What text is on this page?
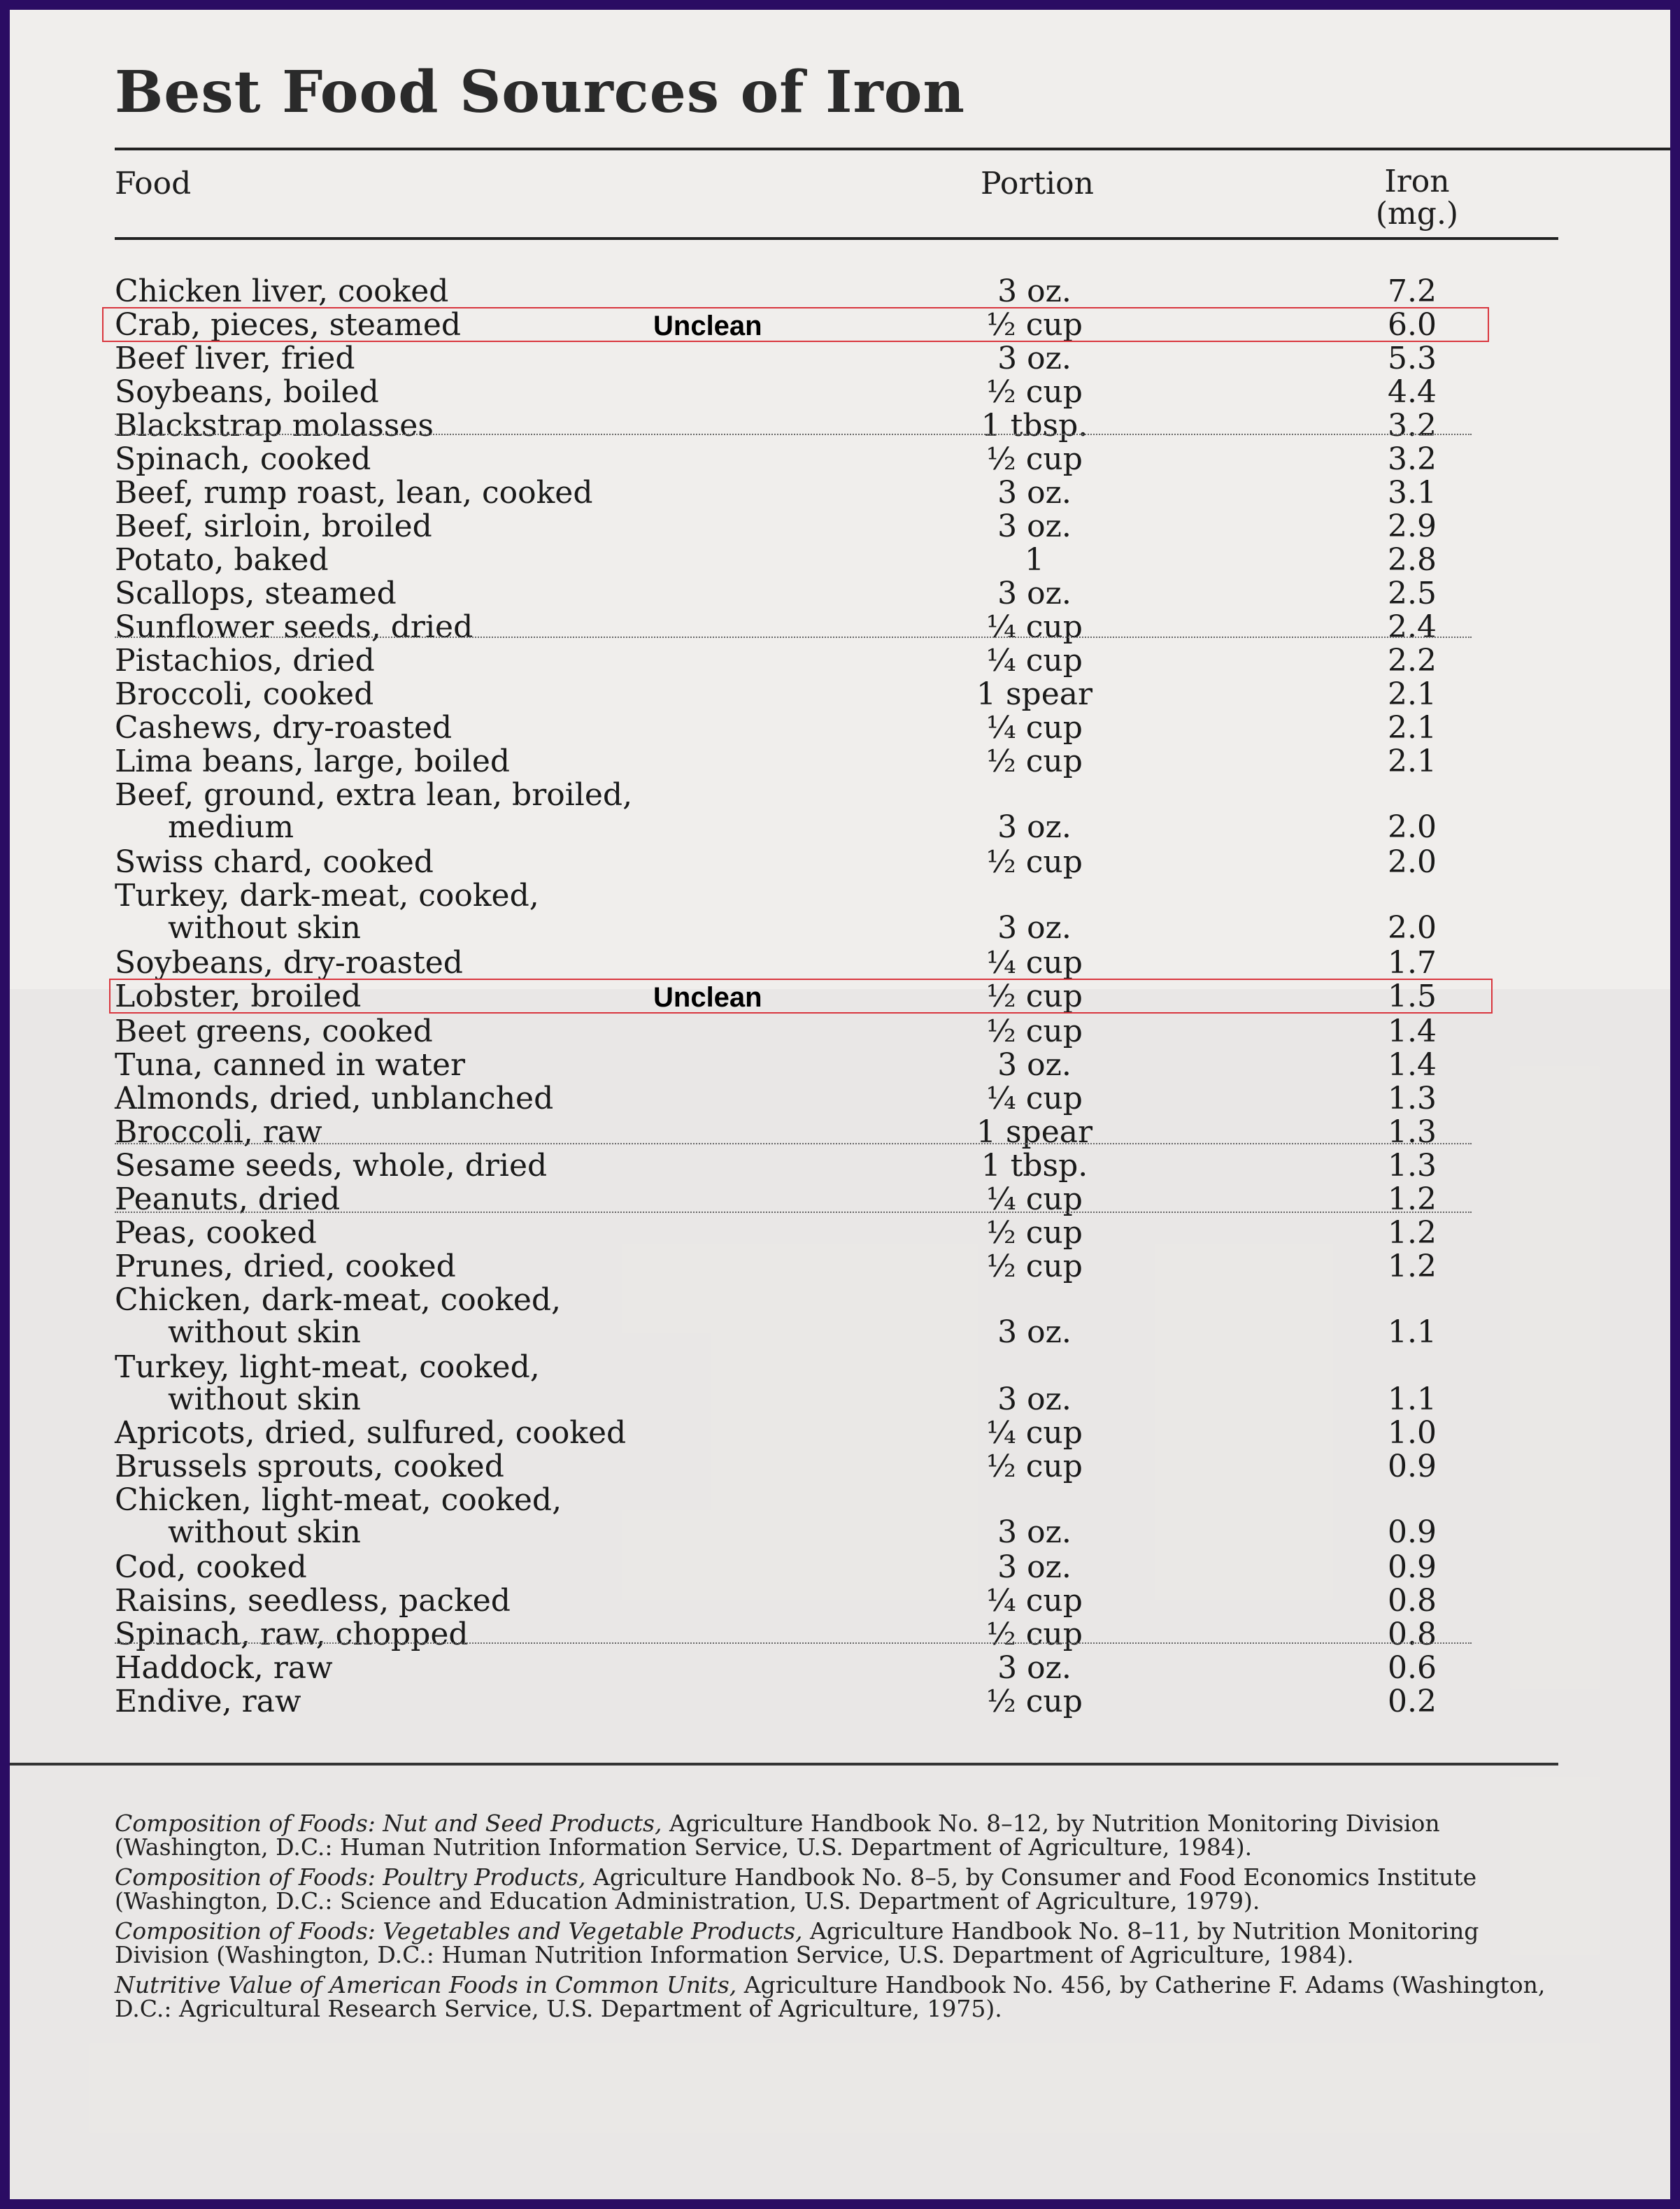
Best Food Sources of Iron
Food	Portion	Iron
(mg.)
Chicken liver, cooked	3 oz.	7.2
Crab, pieces, steamed	½ cup	6.0
Unclean
Beef liver, fried	3 oz.	5.3
Soybeans, boiled	½ cup	4.4
Blackstrap molasses	1 tbsp.	3.2
Spinach, cooked	½ cup	3.2
Beef, rump roast, lean, cooked	3 oz.	3.1
Beef, sirloin, broiled	3 oz.	2.9
Potato, baked	1	2.8
Scallops, steamed	3 oz.	2.5
Sunflower seeds, dried	¼ cup	2.4
Pistachios, dried	¼ cup	2.2
Broccoli, cooked	1 spear	2.1
Cashews, dry-roasted	¼ cup	2.1
Lima beans, large, boiled	½ cup	2.1
Beef, ground, extra lean, broiled,
medium	3 oz.	2.0
Swiss chard, cooked	½ cup	2.0
Turkey, dark-meat, cooked,
without skin	3 oz.	2.0
Soybeans, dry-roasted	¼ cup	1.7
Lobster, broiled	½ cup	1.5
Unclean
Beet greens, cooked	½ cup	1.4
Tuna, canned in water	3 oz.	1.4
Almonds, dried, unblanched	¼ cup	1.3
Broccoli, raw	1 spear	1.3
Sesame seeds, whole, dried	1 tbsp.	1.3
Peanuts, dried	¼ cup	1.2
Peas, cooked	½ cup	1.2
Prunes, dried, cooked	½ cup	1.2
Chicken, dark-meat, cooked,
without skin	3 oz.	1.1
Turkey, light-meat, cooked,
without skin	3 oz.	1.1
Apricots, dried, sulfured, cooked	¼ cup	1.0
Brussels sprouts, cooked	½ cup	0.9
Chicken, light-meat, cooked,
without skin	3 oz.	0.9
Cod, cooked	3 oz.	0.9
Raisins, seedless, packed	¼ cup	0.8
Spinach, raw, chopped	½ cup	0.8
Haddock, raw	3 oz.	0.6
Endive, raw	½ cup	0.2

Composition of Foods: Nut and Seed Products, Agriculture Handbook No. 8–12, by Nutrition Monitoring Division (Washington, D.C.: Human Nutrition Information Service, U.S. Department of Agriculture, 1984).

Composition of Foods: Poultry Products, Agriculture Handbook No. 8–5, by Consumer and Food Economics Institute (Washington, D.C.: Science and Education Administration, U.S. Department of Agriculture, 1979).

Composition of Foods: Vegetables and Vegetable Products, Agriculture Handbook No. 8–11, by Nutrition Monitoring Division (Washington, D.C.: Human Nutrition Information Service, U.S. Department of Agriculture, 1984).

Nutritive Value of American Foods in Common Units, Agriculture Handbook No. 456, by Catherine F. Adams (Washington, D.C.: Agricultural Research Service, U.S. Department of Agriculture, 1975).
